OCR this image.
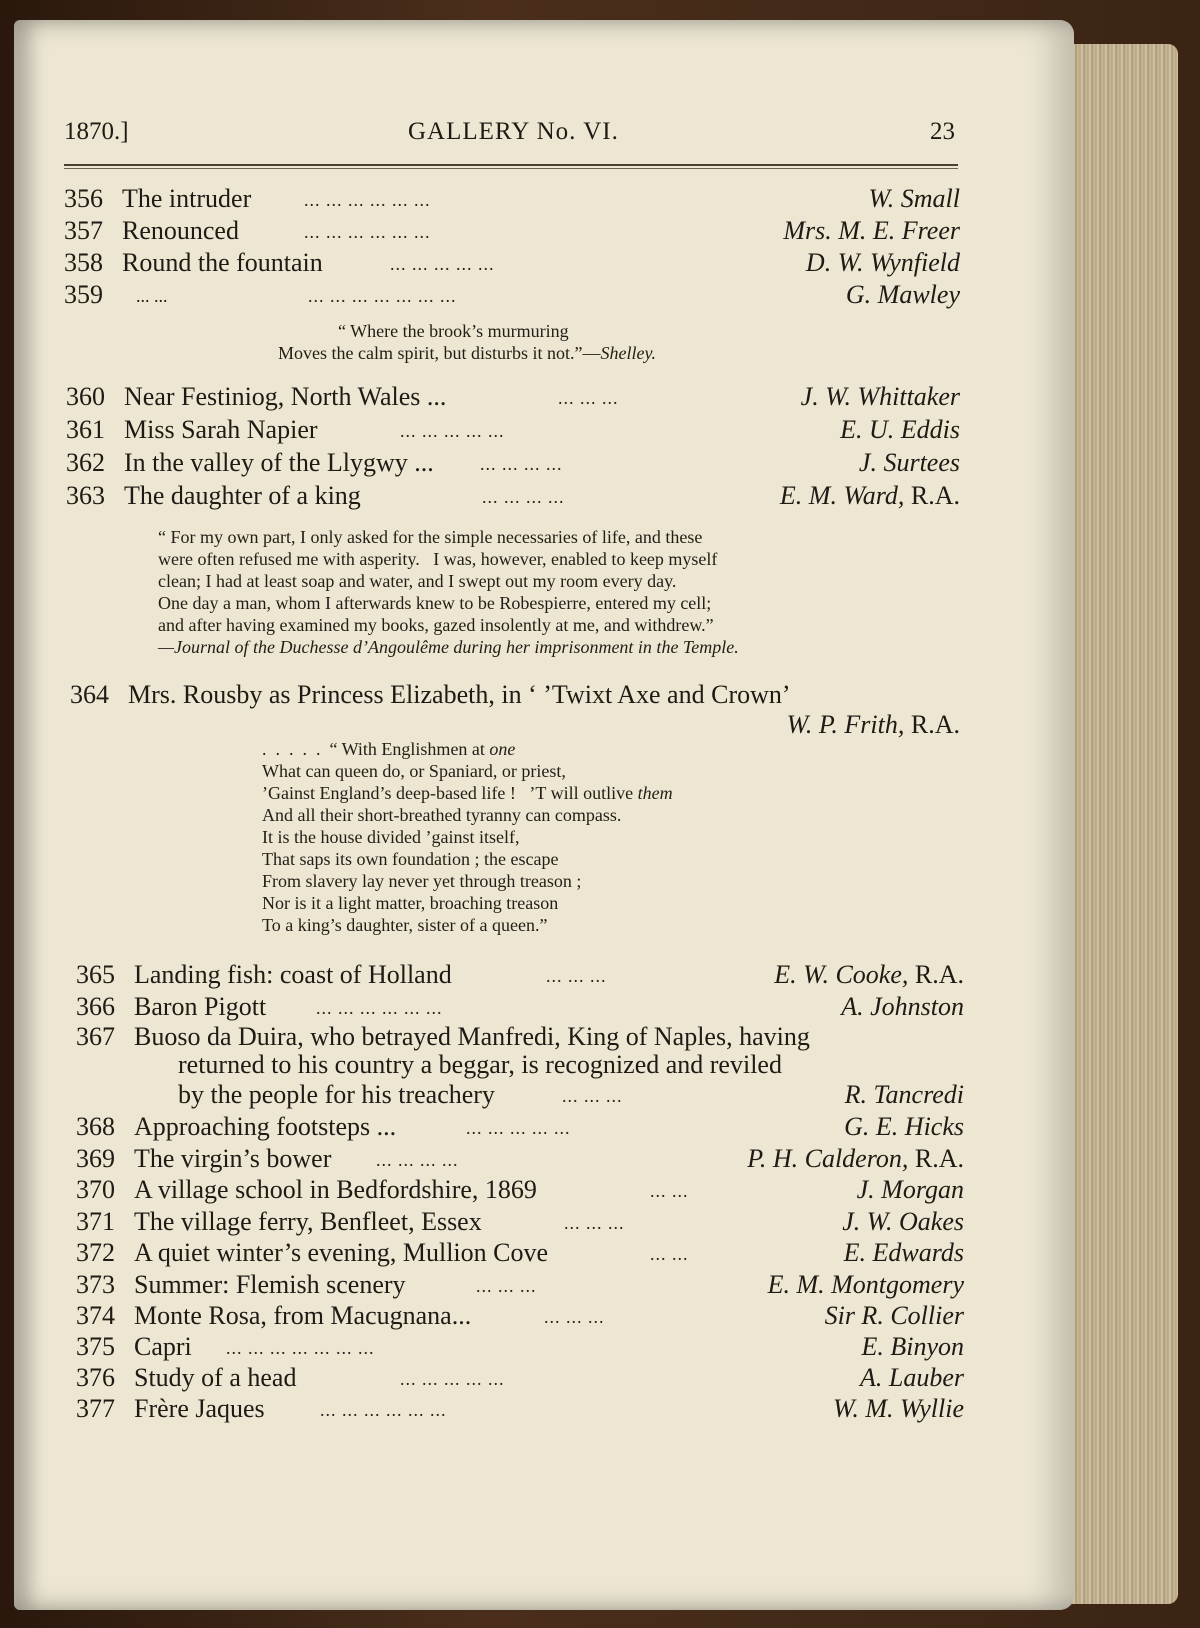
1870.]	GALLERY No. VI.	23
356 The intruder	... ... ... ... ... ...	W. Small
357 Renounced	... ... ... ... ... ...	Mrs. M. E. Freer
358 Round the fountain	... ... ... ... ...	D. W. Wynfield
359 ... ...	... ... ... ... ... ... ...	G. Mawley
“ Where the brook’s murmuring
Moves the calm spirit, but disturbs it not.”—Shelley.
360 Near Festiniog, North Wales ...	... ... ...	J. W. Whittaker
361 Miss Sarah Napier	... ... ... ... ...	E. U. Eddis
362 In the valley of the Llygwy ...	... ... ... ...	J. Surtees
363 The daughter of a king	... ... ... ...	E. M. Ward, R.A.
“ For my own part, I only asked for the simple necessaries of life, and these
were often refused me with asperity.   I was, however, enabled to keep myself
clean; I had at least soap and water, and I swept out my room every day.
One day a man, whom I afterwards knew to be Robespierre, entered my cell;
and after having examined my books, gazed insolently at me, and withdrew.”
—Journal of the Duchesse d’Angoulême during her imprisonment in the Temple.
364 Mrs. Rousby as Princess Elizabeth, in ‘ ’Twixt Axe and Crown’
W. P. Frith, R.A.
.  .  .  .  .  “ With Englishmen at one
What can queen do, or Spaniard, or priest,
’Gainst England’s deep-based life !   ’T will outlive them
And all their short-breathed tyranny can compass.
It is the house divided ’gainst itself,
That saps its own foundation ; the escape
From slavery lay never yet through treason ;
Nor is it a light matter, broaching treason
To a king’s daughter, sister of a queen.”
365 Landing fish: coast of Holland	... ... ...	E. W. Cooke, R.A.
366 Baron Pigott	... ... ... ... ... ...	A. Johnston
367 Buoso da Duira, who betrayed Manfredi, King of Naples, having
returned to his country a beggar, is recognized and reviled
by the people for his treachery	... ... ...	R. Tancredi
368 Approaching footsteps ...	... ... ... ... ...	G. E. Hicks
369 The virgin’s bower ... ... ... ...	P. H. Calderon, R.A.
370 A village school in Bedfordshire, 1869	... ...	J. Morgan
371 The village ferry, Benfleet, Essex	... ... ...	J. W. Oakes
372 A quiet winter’s evening, Mullion Cove	... ...	E. Edwards
373 Summer: Flemish scenery	... ... ...	E. M. Montgomery
374 Monte Rosa, from Macugnana...	... ... ...	Sir R. Collier
375 Capri ... ... ... ... ... ... ...	E. Binyon
376 Study of a head	... ... ... ... ...	A. Lauber
377 Frère Jaques	... ... ... ... ... ...	W. M. Wyllie
